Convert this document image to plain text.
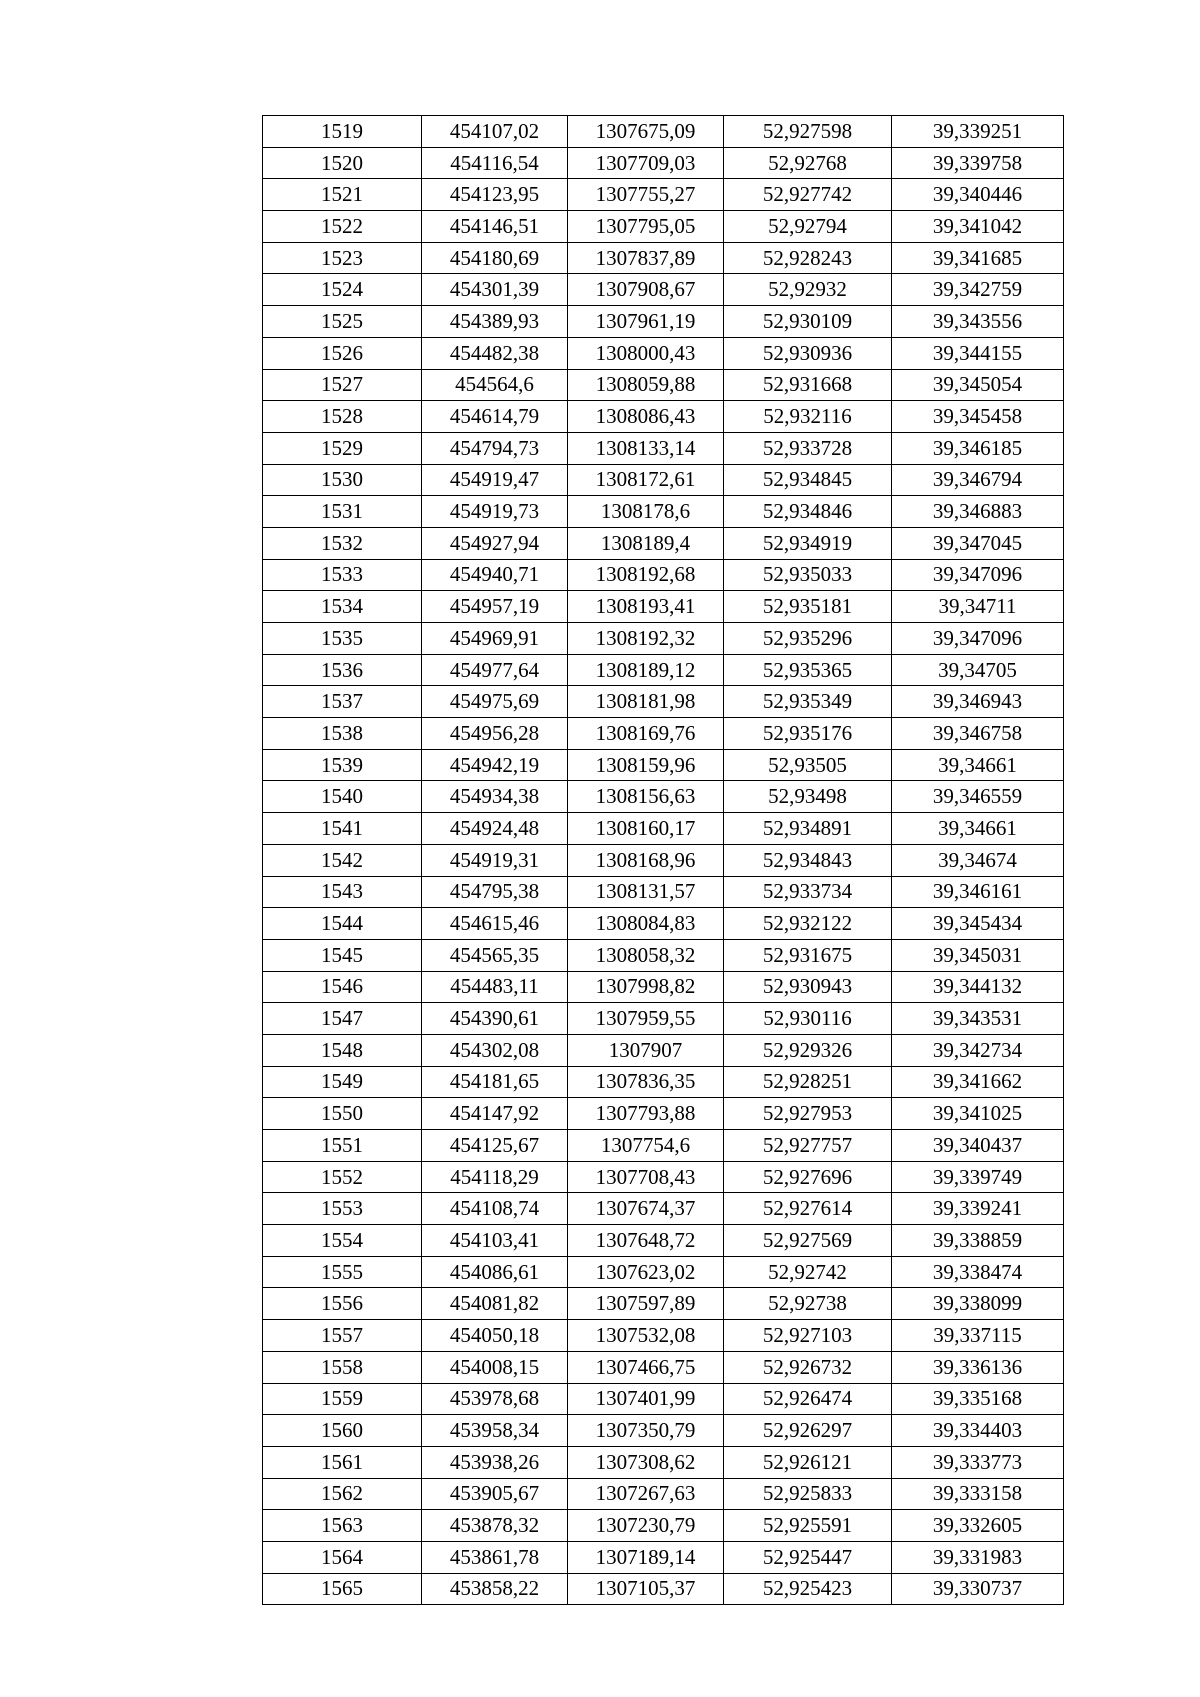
1519	454107,02	1307675,09	52,927598	39,339251
1520	454116,54	1307709,03	52,92768	39,339758
1521	454123,95	1307755,27	52,927742	39,340446
1522	454146,51	1307795,05	52,92794	39,341042
1523	454180,69	1307837,89	52,928243	39,341685
1524	454301,39	1307908,67	52,92932	39,342759
1525	454389,93	1307961,19	52,930109	39,343556
1526	454482,38	1308000,43	52,930936	39,344155
1527	454564,6	1308059,88	52,931668	39,345054
1528	454614,79	1308086,43	52,932116	39,345458
1529	454794,73	1308133,14	52,933728	39,346185
1530	454919,47	1308172,61	52,934845	39,346794
1531	454919,73	1308178,6	52,934846	39,346883
1532	454927,94	1308189,4	52,934919	39,347045
1533	454940,71	1308192,68	52,935033	39,347096
1534	454957,19	1308193,41	52,935181	39,34711
1535	454969,91	1308192,32	52,935296	39,347096
1536	454977,64	1308189,12	52,935365	39,34705
1537	454975,69	1308181,98	52,935349	39,346943
1538	454956,28	1308169,76	52,935176	39,346758
1539	454942,19	1308159,96	52,93505	39,34661
1540	454934,38	1308156,63	52,93498	39,346559
1541	454924,48	1308160,17	52,934891	39,34661
1542	454919,31	1308168,96	52,934843	39,34674
1543	454795,38	1308131,57	52,933734	39,346161
1544	454615,46	1308084,83	52,932122	39,345434
1545	454565,35	1308058,32	52,931675	39,345031
1546	454483,11	1307998,82	52,930943	39,344132
1547	454390,61	1307959,55	52,930116	39,343531
1548	454302,08	1307907	52,929326	39,342734
1549	454181,65	1307836,35	52,928251	39,341662
1550	454147,92	1307793,88	52,927953	39,341025
1551	454125,67	1307754,6	52,927757	39,340437
1552	454118,29	1307708,43	52,927696	39,339749
1553	454108,74	1307674,37	52,927614	39,339241
1554	454103,41	1307648,72	52,927569	39,338859
1555	454086,61	1307623,02	52,92742	39,338474
1556	454081,82	1307597,89	52,92738	39,338099
1557	454050,18	1307532,08	52,927103	39,337115
1558	454008,15	1307466,75	52,926732	39,336136
1559	453978,68	1307401,99	52,926474	39,335168
1560	453958,34	1307350,79	52,926297	39,334403
1561	453938,26	1307308,62	52,926121	39,333773
1562	453905,67	1307267,63	52,925833	39,333158
1563	453878,32	1307230,79	52,925591	39,332605
1564	453861,78	1307189,14	52,925447	39,331983
1565	453858,22	1307105,37	52,925423	39,330737
